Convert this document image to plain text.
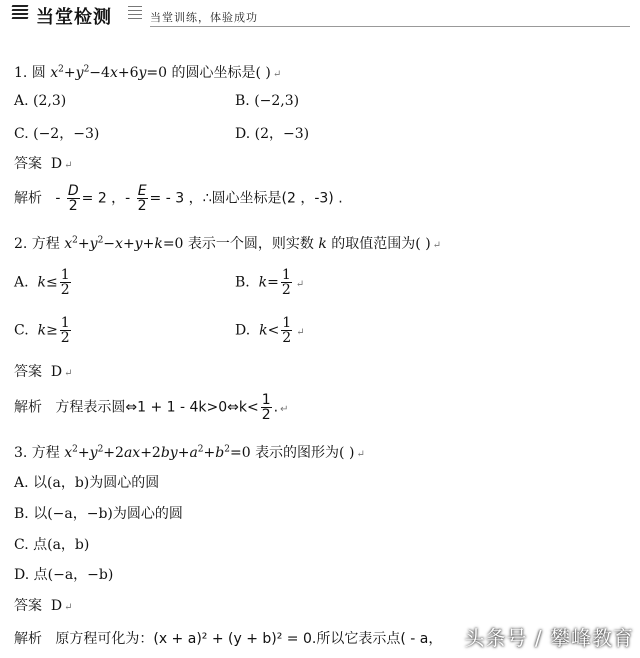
当堂检测	当堂训练，体验成功
1. 圆 $x^2+y^2-4x+6y=0$ 的圆心坐标是( ) ↵
A. (2,3)	B. (−2,3)
C. (−2，−3)	D. (2，−3)
答案 D ↵
解析   - $\frac{D}{2} = 2$ ，- $\frac{E}{2}$ = - 3 ，∴圆心坐标是(2 ，-3) .
2. 方程 $x^2+y^2-x+y+k=0$ 表示一个圆，则实数 k 的取值范围为( ) ↵
A.  $k\le \frac{1}{2}$	B.  $k= \frac{1}{2}$ ↵
C.  $k\ge \frac{1}{2}$	D.  $k< \frac{1}{2}$ ↵
答案 D ↵
解析 方程表示圆⇔1 + 1 - 4k>0⇔k< $\frac{1}{2}$ . ↵
3. 方程 $x^2+y^2+2ax+2by+a^2+b^2=0$ 表示的图形为( ) ↵
A. 以(a，b)为圆心的圆
B. 以(−a，−b)为圆心的圆
C. 点(a，b)
D. 点(−a，−b)
答案 D ↵
解析 原方程可化为：(x + a)² + (y + b)² = 0.所以它表示点( - a， 头条号 / 攀峰教育
